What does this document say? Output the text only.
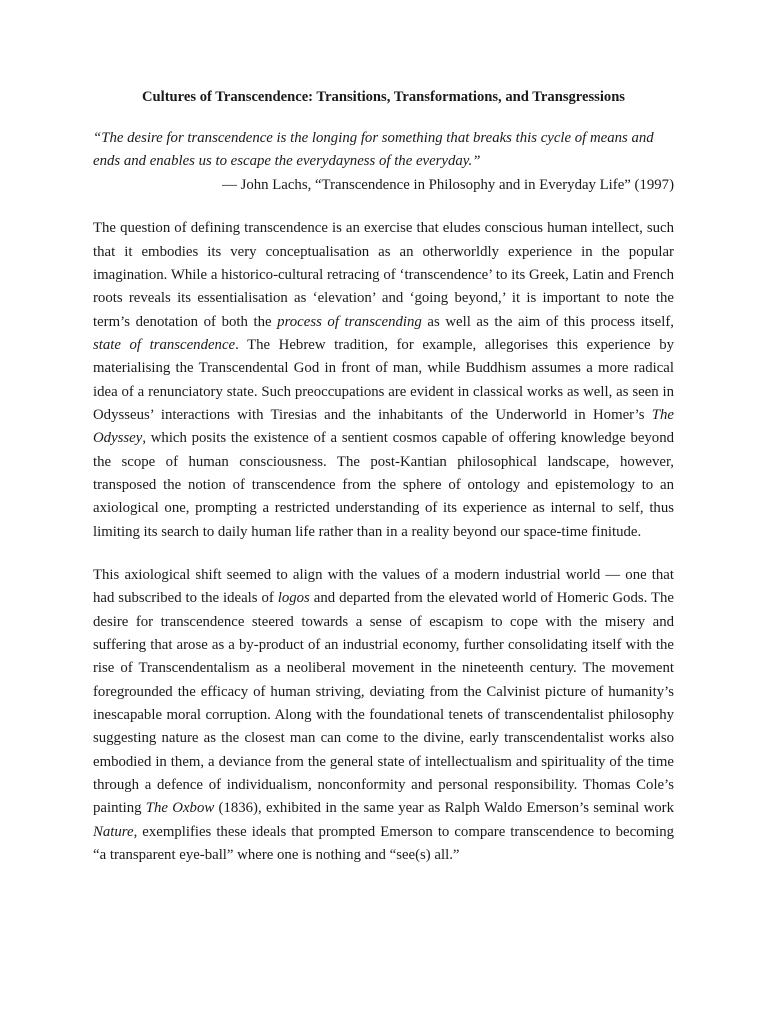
Cultures of Transcendence: Transitions, Transformations, and Transgressions

“The desire for transcendence is the longing for something that breaks this cycle of means and ends and enables us to escape the everydayness of the everyday.”

— John Lachs, “Transcendence in Philosophy and in Everyday Life” (1997)

The question of defining transcendence is an exercise that eludes conscious human intellect, such that it embodies its very conceptualisation as an otherworldly experience in the popular imagination. While a historico-cultural retracing of ‘transcendence’ to its Greek, Latin and French roots reveals its essentialisation as ‘elevation’ and ‘going beyond,’ it is important to note the term’s denotation of both the process of transcending as well as the aim of this process itself, state of transcendence. The Hebrew tradition, for example, allegorises this experience by materialising the Transcendental God in front of man, while Buddhism assumes a more radical idea of a renunciatory state. Such preoccupations are evident in classical works as well, as seen in Odysseus’ interactions with Tiresias and the inhabitants of the Underworld in Homer’s The Odyssey, which posits the existence of a sentient cosmos capable of offering knowledge beyond the scope of human consciousness. The post-Kantian philosophical landscape, however, transposed the notion of transcendence from the sphere of ontology and epistemology to an axiological one, prompting a restricted understanding of its experience as internal to self, thus limiting its search to daily human life rather than in a reality beyond our space-time finitude.

This axiological shift seemed to align with the values of a modern industrial world — one that had subscribed to the ideals of logos and departed from the elevated world of Homeric Gods. The desire for transcendence steered towards a sense of escapism to cope with the misery and suffering that arose as a by-product of an industrial economy, further consolidating itself with the rise of Transcendentalism as a neoliberal movement in the nineteenth century. The movement foregrounded the efficacy of human striving, deviating from the Calvinist picture of humanity’s inescapable moral corruption. Along with the foundational tenets of transcendentalist philosophy suggesting nature as the closest man can come to the divine, early transcendentalist works also embodied in them, a deviance from the general state of intellectualism and spirituality of the time through a defence of individualism, nonconformity and personal responsibility. Thomas Cole’s painting The Oxbow (1836), exhibited in the same year as Ralph Waldo Emerson’s seminal work Nature, exemplifies these ideals that prompted Emerson to compare transcendence to becoming “a transparent eye-ball” where one is nothing and “see(s) all.”
